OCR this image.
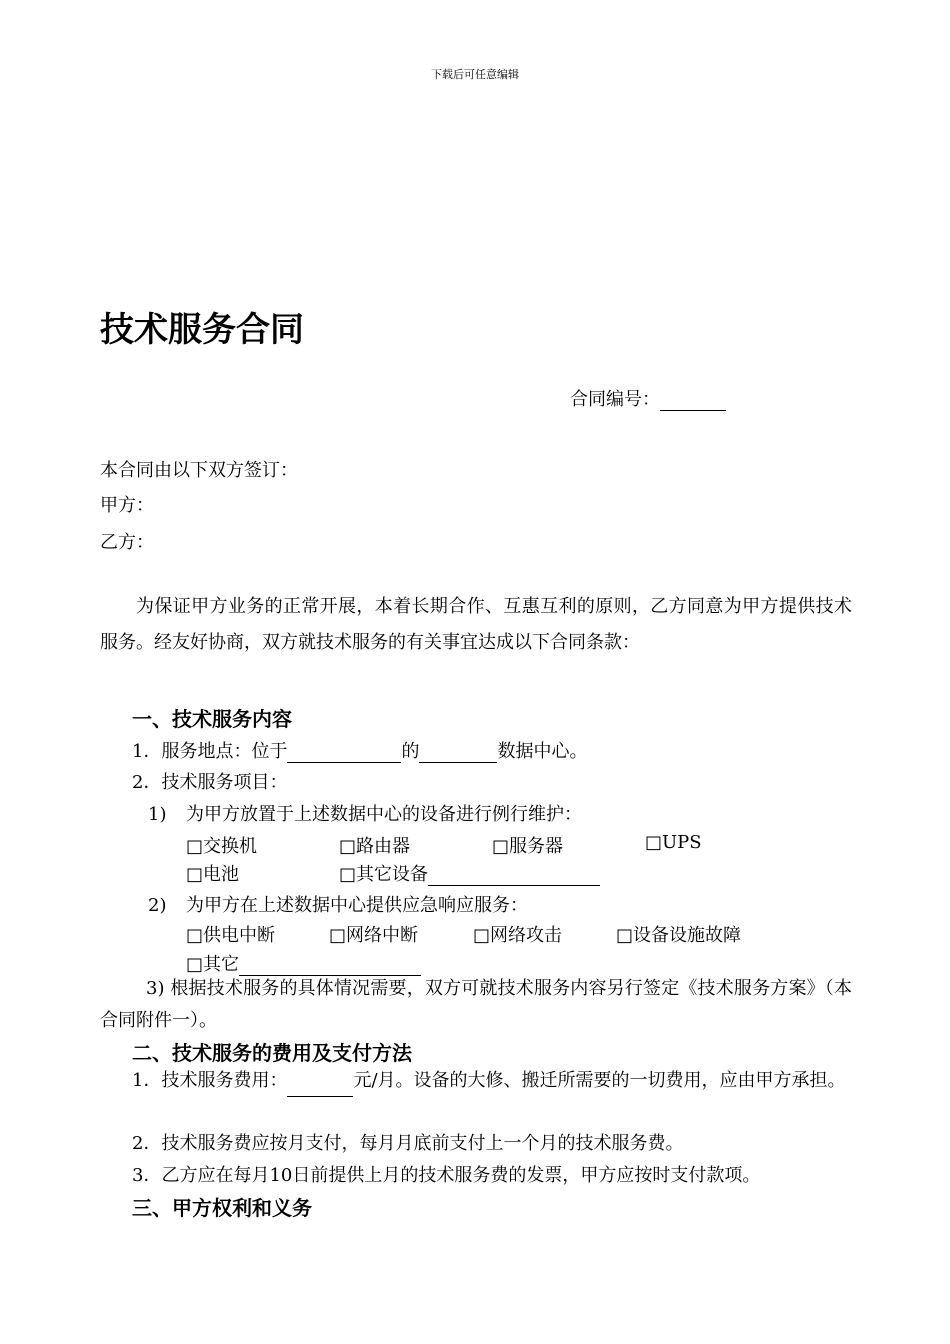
下载后可任意编辑
技术服务合同
合同编号：
本合同由以下双方签订：
甲方：
乙方：
为保证甲方业务的正常开展，本着长期合作、互惠互利的原则，乙方同意为甲方提供技术服务。经友好协商，双方就技术服务的有关事宜达成以下合同条款：
一、技术服务内容
1．服务地点：位于	的	数据中心。
2．技术服务项目：
1) 为甲方放置于上述数据中心的设备进行例行维护：
□交换机	□路由器	□服务器	□UPS
□电池	□其它设备
2) 为甲方在上述数据中心提供应急响应服务：
□供电中断	□网络中断	□网络攻击	□设备设施故障
□其它
3) 根据技术服务的具体情况需要，双方可就技术服务内容另行签定《技术服务方案》（本合同附件一）。
二、技术服务的费用及支付方法
1．技术服务费用：	元/月。设备的大修、搬迁所需要的一切费用，应由甲方承担。
2．技术服务费应按月支付，每月月底前支付上一个月的技术服务费。
3．乙方应在每月10日前提供上月的技术服务费的发票，甲方应按时支付款项。
三、甲方权利和义务
